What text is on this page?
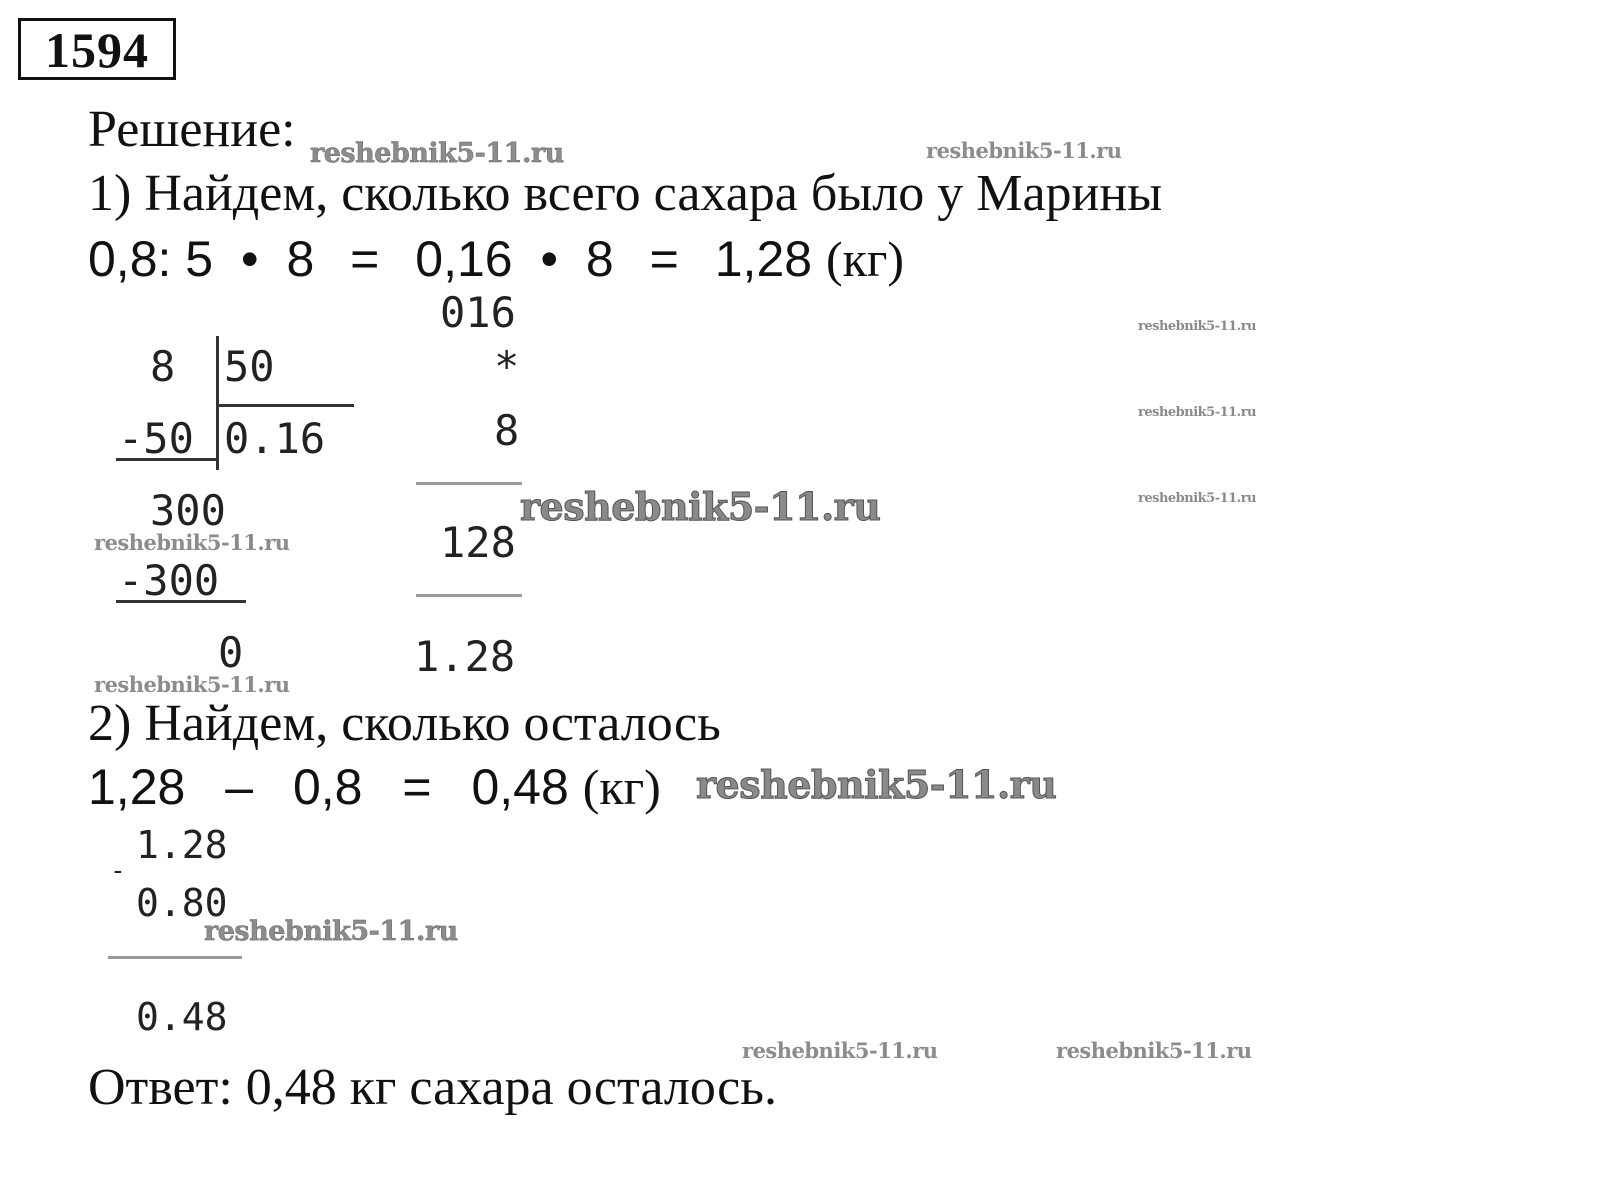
1594
Решение:
1) Найдем, сколько всего сахара было у Марины
0,8: 5 • 8 = 0,16 • 8 = 1,28 (кг)
8 50
-50 0.16
300
-300
0
016
*
8
128
1.28
2) Найдем, сколько осталось
1,28 – 0,8 = 0,48 (кг)
1.28
-
0.80
0.48
Ответ: 0,48 кг сахара осталось.
reshebnik5-11.ru	reshebnik5-11.ru
reshebnik5-11.ru
reshebnik5-11.ru
reshebnik5-11.ru
reshebnik5-11.ru
reshebnik5-11.ru
reshebnik5-11.ru
reshebnik5-11.ru
reshebnik5-11.ru
reshebnik5-11.ru	reshebnik5-11.ru
